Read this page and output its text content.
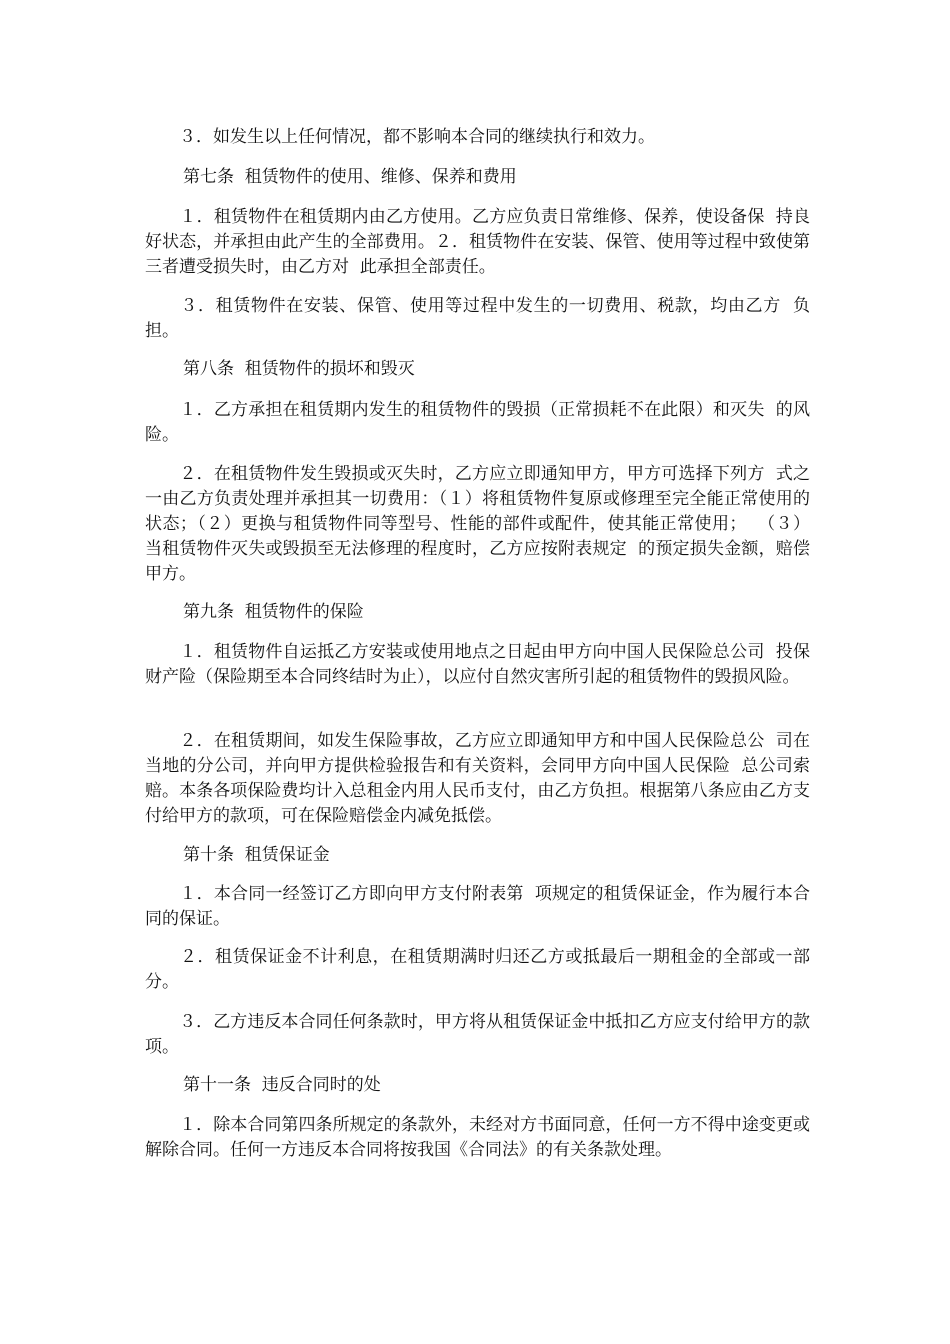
　　３．如发生以上任何情况，都不影响本合同的继续执行和效力。
第七条  租赁物件的使用、维修、保养和费用
　　１．租赁物件在租赁期内由乙方使用。乙方应负责日常维修、保养，使设备保  持良好状态，并承担由此产生的全部费用。２．租赁物件在安装、保管、使用等过程中致使第三者遭受损失时，由乙方对  此承担全部责任。
　　３．租赁物件在安装、保管、使用等过程中发生的一切费用、税款，均由乙方  负担。
第八条  租赁物件的损坏和毁灭
　　１．乙方承担在租赁期内发生的租赁物件的毁损（正常损耗不在此限）和灭失  的风险。
　　２．在租赁物件发生毁损或灭失时，乙方应立即通知甲方，甲方可选择下列方  式之一由乙方负责处理并承担其一切费用：（１）将租赁物件复原或修理至完全能正常使用的状态；（２）更换与租赁物件同等型号、性能的部件或配件，使其能正常使用；  （３）当租赁物件灭失或毁损至无法修理的程度时，乙方应按附表规定  的预定损失金额，赔偿甲方。
第九条  租赁物件的保险
　　１．租赁物件自运抵乙方安装或使用地点之日起由甲方向中国人民保险总公司  投保财产险（保险期至本合同终结时为止），以应付自然灾害所引起的租赁物件的毁损风险。
　　２．在租赁期间，如发生保险事故，乙方应立即通知甲方和中国人民保险总公  司在当地的分公司，并向甲方提供检验报告和有关资料，会同甲方向中国人民保险  总公司索赔。本条各项保险费均计入总租金内用人民币支付，由乙方负担。根据第八条应由乙方支付给甲方的款项，可在保险赔偿金内减免抵偿。
第十条  租赁保证金
　　１．本合同一经签订乙方即向甲方支付附表第  项规定的租赁保证金，作为履行本合同的保证。
　　２．租赁保证金不计利息，在租赁期满时归还乙方或抵最后一期租金的全部或一部分。
　　３．乙方违反本合同任何条款时，甲方将从租赁保证金中抵扣乙方应支付给甲方的款项。
第十一条  违反合同时的处
　　１．除本合同第四条所规定的条款外，未经对方书面同意，任何一方不得中途变更或解除合同。任何一方违反本合同将按我国《合同法》的有关条款处理。
